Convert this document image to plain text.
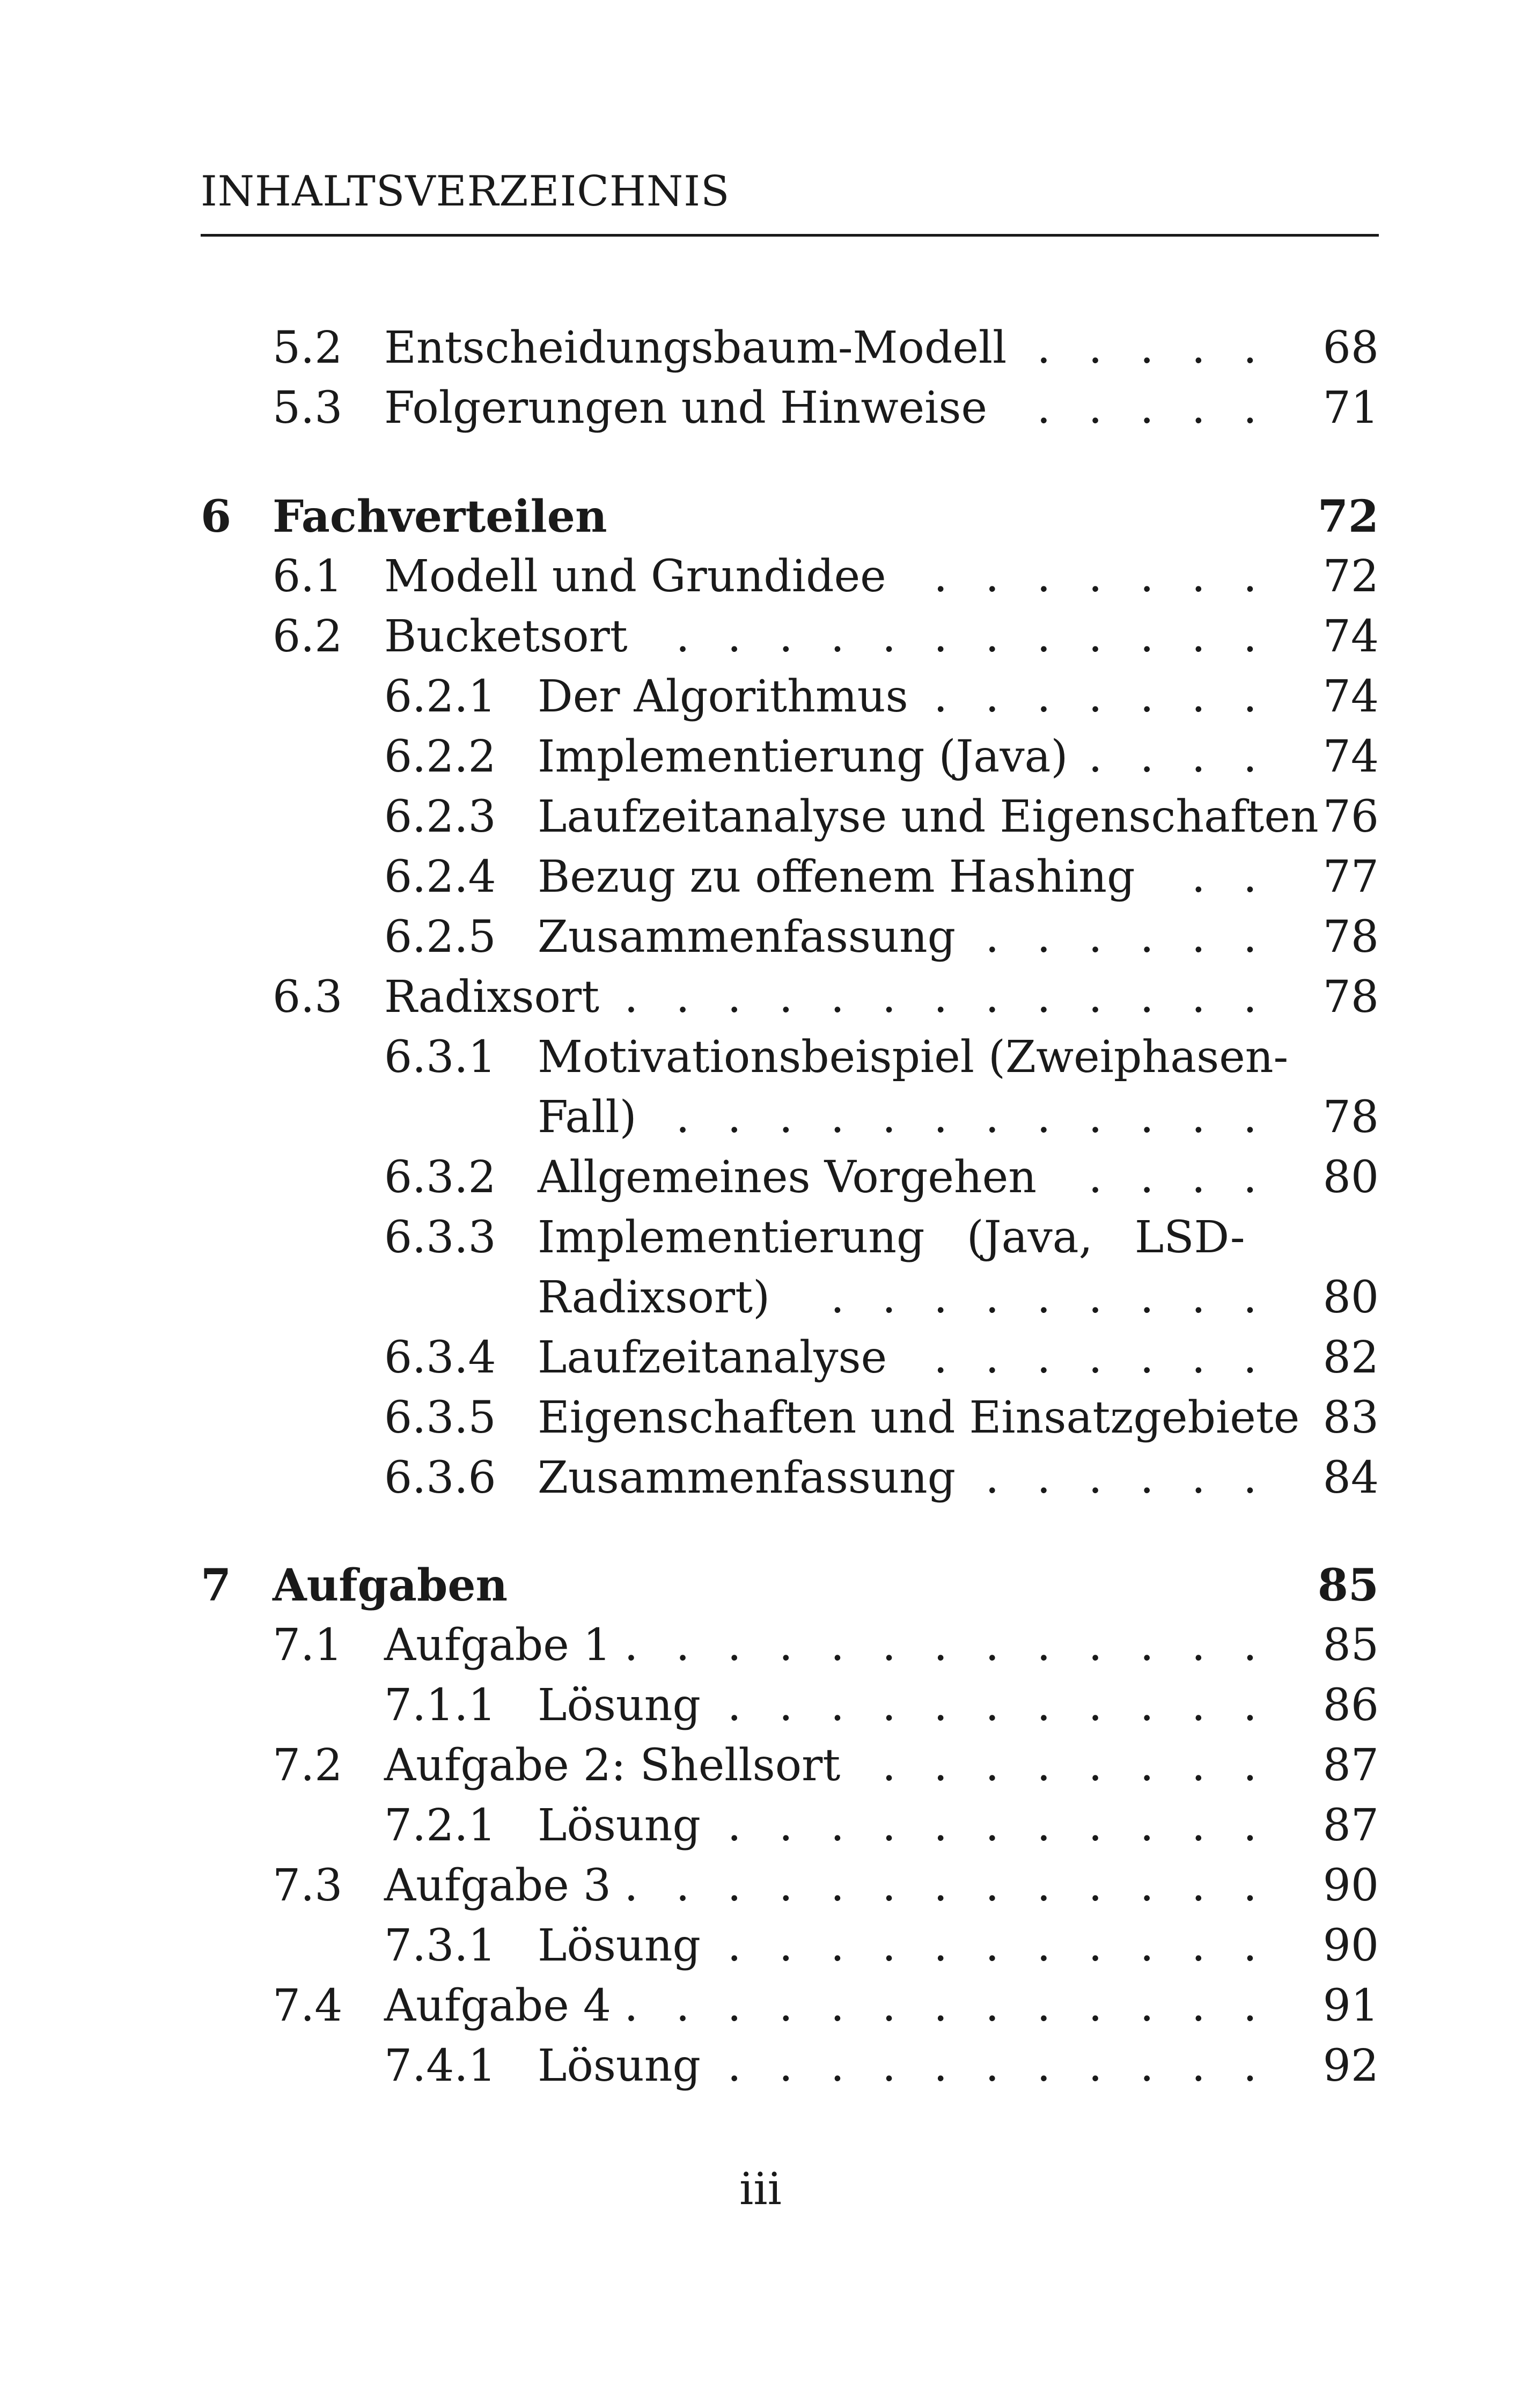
INHALTSVERZEICHNIS
5.2 Entscheidungsbaum-Modell . . . . . 68
5.3 Folgerungen und Hinweise . . . . . 71
6 Fachverteilen	72
6.1 Modell und Grundidee . . . . . . . 72
6.2 Bucketsort . . . . . . . . . . . . 74
6.2.1 Der Algorithmus . . . . . . . 74
6.2.2 Implementierung (Java) . . . . 74
6.2.3 Laufzeitanalyse und Eigenschaften 76
6.2.4 Bezug zu offenem Hashing . . 77
6.2.5 Zusammenfassung . . . . . . 78
6.3 Radixsort . . . . . . . . . . . . . 78
6.3.1 Motivationsbeispiel (Zweiphasen-
Fall) . . . . . . . . . . . . 78
6.3.2 Allgemeines Vorgehen . . . . 80
6.3.3 Implementierung   (Java,   LSD-
Radixsort) . . . . . . . . . 80
6.3.4 Laufzeitanalyse . . . . . . . 82
6.3.5 Eigenschaften und Einsatzgebiete 83
6.3.6 Zusammenfassung . . . . . . 84
7 Aufgaben	85
7.1 Aufgabe 1 . . . . . . . . . . . . . 85
7.1.1 Lösung . . . . . . . . . . . 86
7.2 Aufgabe 2: Shellsort . . . . . . . . 87
7.2.1 Lösung . . . . . . . . . . . 87
7.3 Aufgabe 3 . . . . . . . . . . . . . 90
7.3.1 Lösung . . . . . . . . . . . 90
7.4 Aufgabe 4 . . . . . . . . . . . . . 91
7.4.1 Lösung . . . . . . . . . . . 92
iii
